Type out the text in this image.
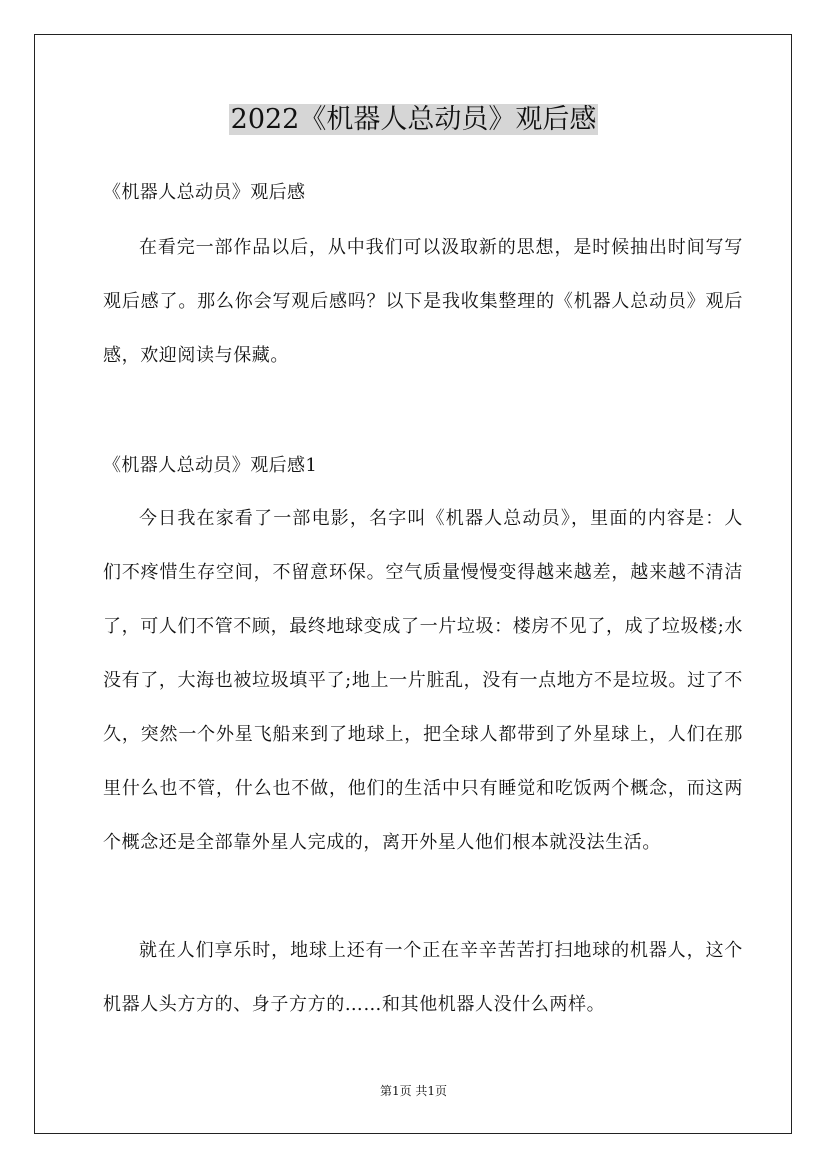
2022《机器人总动员》观后感
《机器人总动员》观后感
在看完一部作品以后，从中我们可以汲取新的思想，是时候抽出时间写写观后感了。那么你会写观后感吗？以下是我收集整理的《机器人总动员》观后感，欢迎阅读与保藏。
《机器人总动员》观后感1
今日我在家看了一部电影，名字叫《机器人总动员》，里面的内容是：人们不疼惜生存空间，不留意环保。空气质量慢慢变得越来越差，越来越不清洁了，可人们不管不顾，最终地球变成了一片垃圾：楼房不见了，成了垃圾楼;水没有了，大海也被垃圾填平了;地上一片脏乱，没有一点地方不是垃圾。过了不久，突然一个外星飞船来到了地球上，把全球人都带到了外星球上，人们在那里什么也不管，什么也不做，他们的生活中只有睡觉和吃饭两个概念，而这两个概念还是全部靠外星人完成的，离开外星人他们根本就没法生活。
就在人们享乐时，地球上还有一个正在辛辛苦苦打扫地球的机器人，这个机器人头方方的、身子方方的……和其他机器人没什么两样。
第1页 共1页
